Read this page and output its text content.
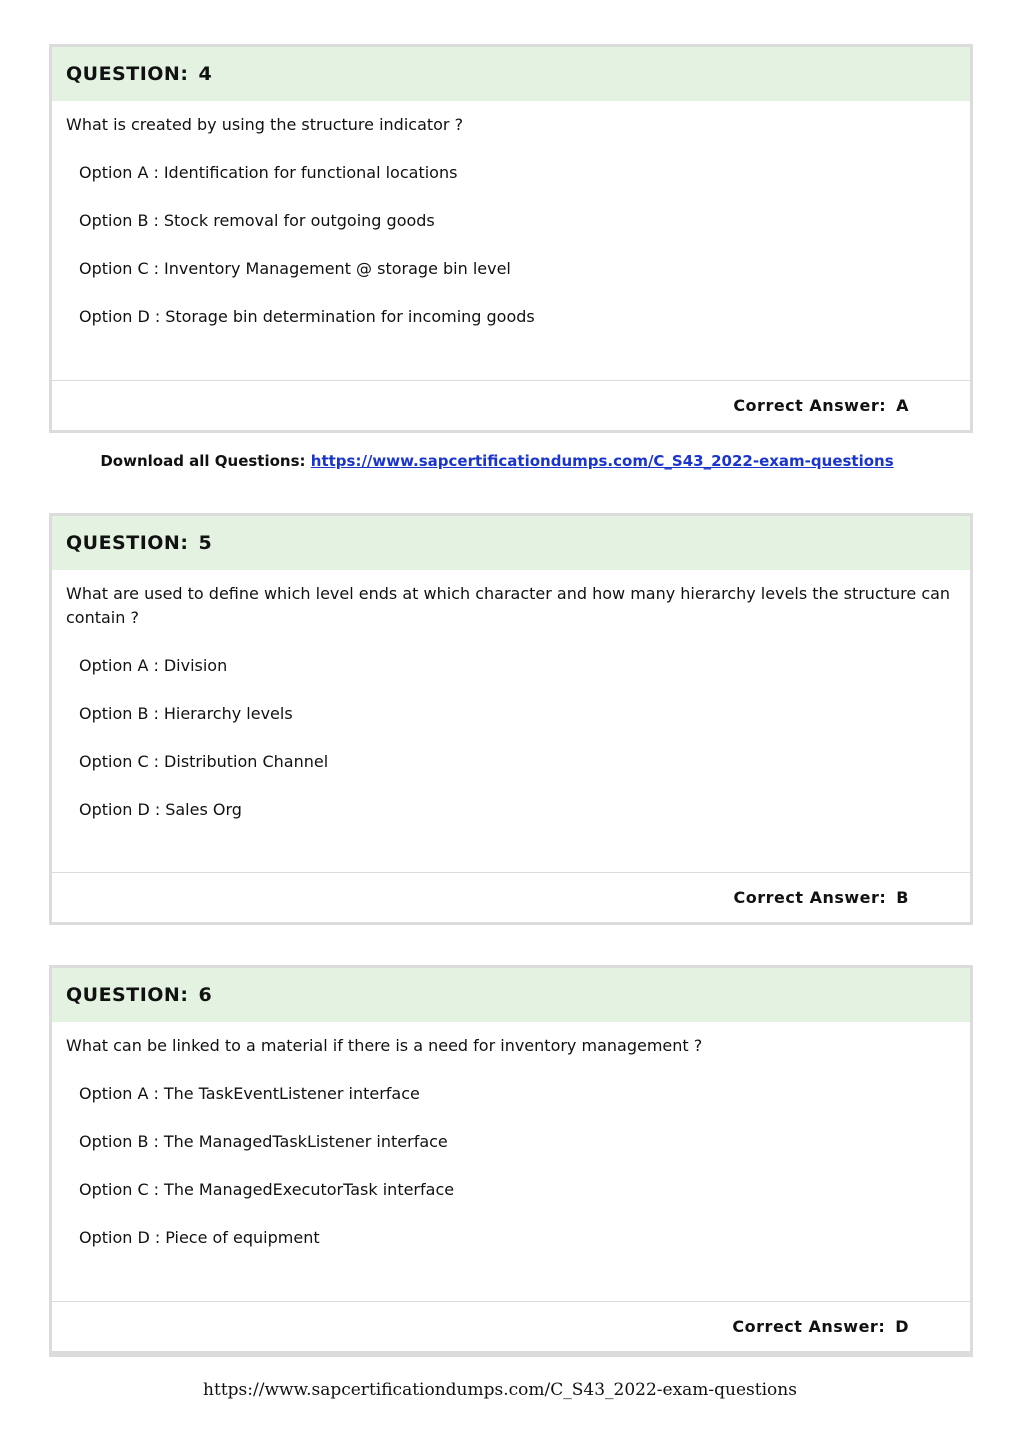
QUESTION: 4

What is created by using the structure indicator ?

Option A : Identification for functional locations
Option B : Stock removal for outgoing goods
Option C : Inventory Management @ storage bin level
Option D : Storage bin determination for incoming goods
Correct Answer: A
Download all Questions: https://www.sapcertificationdumps.com/C_S43_2022-exam-questions
QUESTION: 5

What are used to define which level ends at which character and how many hierarchy levels the structure can contain ?

Option A : Division
Option B : Hierarchy levels
Option C : Distribution Channel
Option D : Sales Org
Correct Answer: B
QUESTION: 6

What can be linked to a material if there is a need for inventory management ?

Option A : The TaskEventListener interface
Option B : The ManagedTaskListener interface
Option C : The ManagedExecutorTask interface
Option D : Piece of equipment
Correct Answer: D
https://www.sapcertificationdumps.com/C_S43_2022-exam-questions
